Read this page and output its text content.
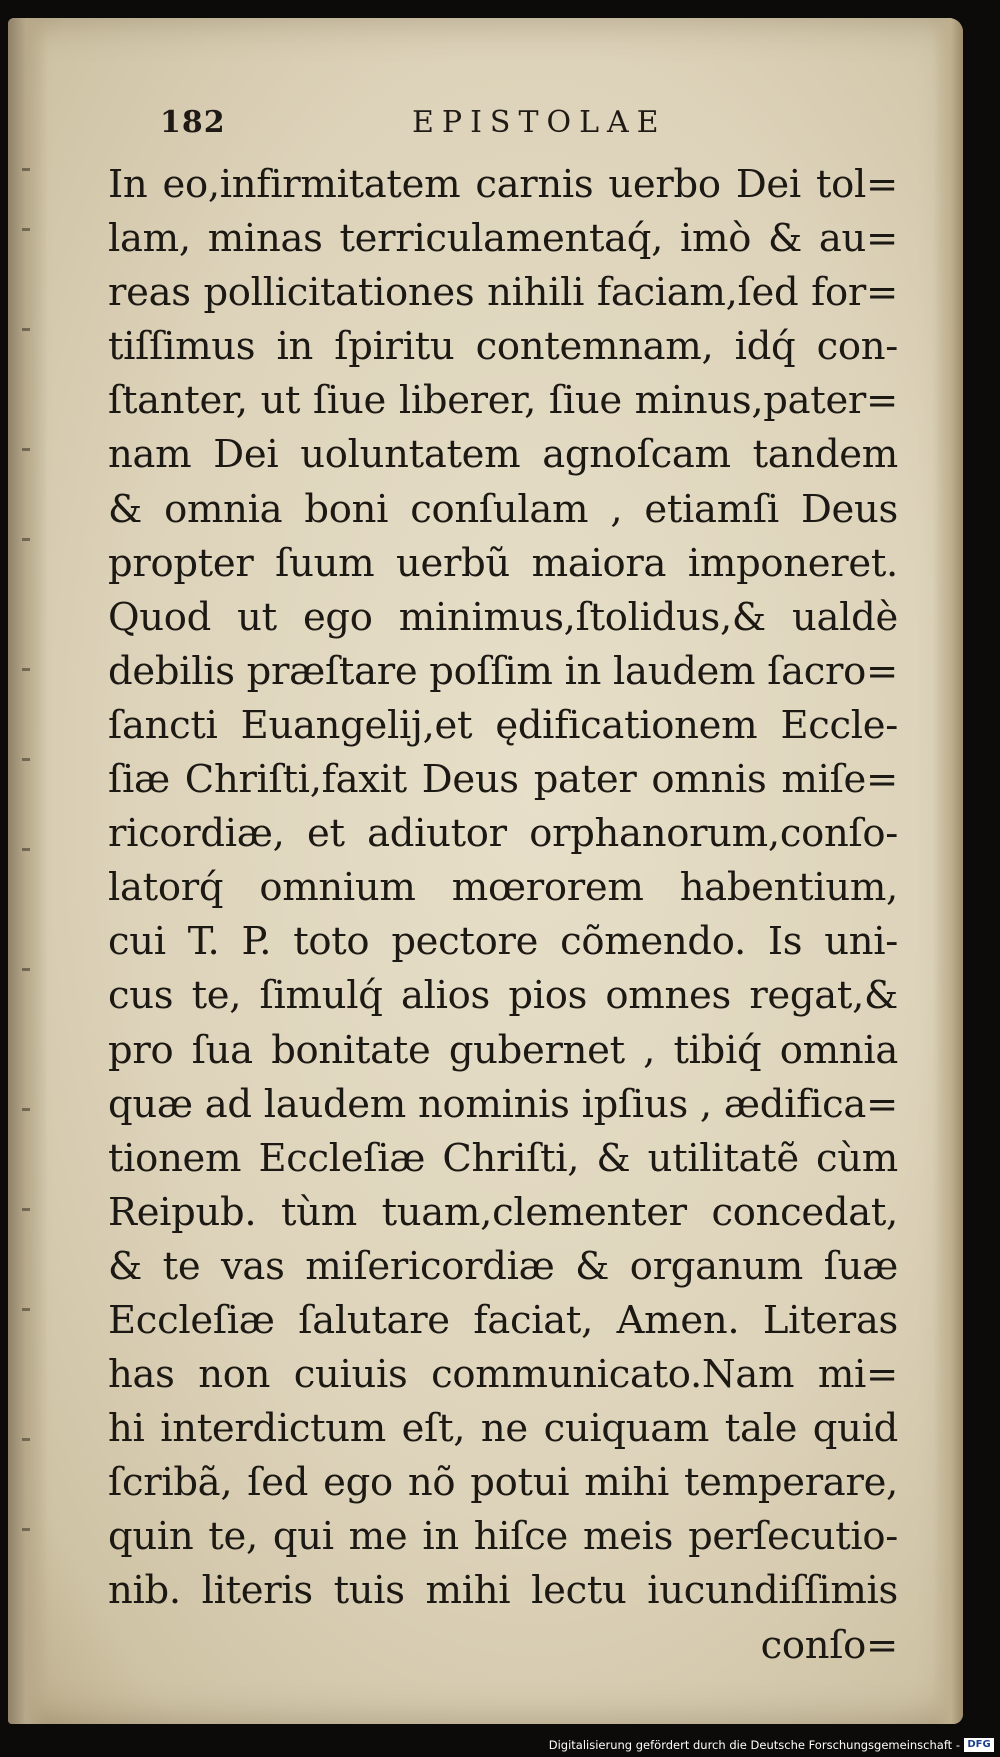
182	EPISTOLAE
In eo,infirmitatem carnis uerbo Dei tol=
lam, minas terriculamentaq́, imò & au=
reas pollicitationes nihili faciam,ſed for=
tiſſimus in ſpiritu contemnam, idq́ con-
ſtanter, ut ſiue liberer, ſiue minus,pater=
nam Dei uoluntatem agnoſcam tandem
& omnia boni conſulam , etiamſi Deus
propter ſuum uerbũ maiora imponeret.
Quod ut ego minimus,ſtolidus,& ualdè
debilis præſtare poſſim in laudem ſacro=
ſancti Euangelij,et ędificationem Eccle-
ſiæ Chriſti,faxit Deus pater omnis miſe=
ricordiæ, et adiutor orphanorum,conſo-
latorq́ omnium mœrorem habentium,
cui T. P. toto pectore cõmendo. Is uni-
cus te, ſimulq́ alios pios omnes regat,&
pro ſua bonitate gubernet , tibiq́ omnia
quæ ad laudem nominis ipſius , ædifica=
tionem Eccleſiæ Chriſti, & utilitatẽ cùm
Reipub. tùm tuam,clementer concedat,
& te vas miſericordiæ & organum ſuæ
Eccleſiæ ſalutare faciat, Amen. Literas
has non cuiuis communicato.Nam mi=
hi interdictum eſt, ne cuiquam tale quid
ſcribã, ſed ego nõ potui mihi temperare,
quin te, qui me in hiſce meis perſecutio-
nib. literis tuis mihi lectu iucundiſſimis
conſo=
Digitalisierung gefördert durch die Deutsche Forschungsgemeinschaft - DFG
